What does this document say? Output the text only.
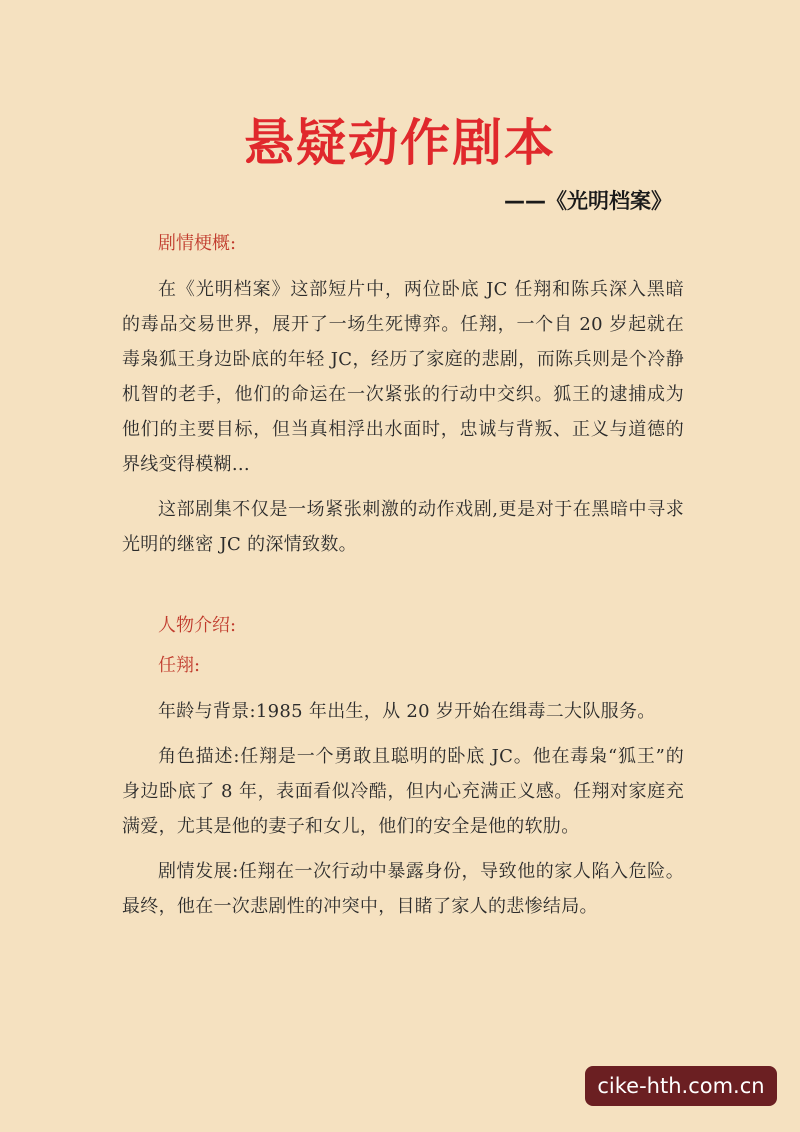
悬疑动作剧本
——《光明档案》
剧情梗概:

在《光明档案》这部短片中，两位卧底 JC 任翔和陈兵深入黑暗的毒品交易世界，展开了一场生死博弈。任翔，一个自 20 岁起就在毒枭狐王身边卧底的年轻 JC，经历了家庭的悲剧，而陈兵则是个冷静机智的老手，他们的命运在一次紧张的行动中交织。狐王的逮捕成为他们的主要目标，但当真相浮出水面时，忠诚与背叛、正义与道德的界线变得模糊…

这部剧集不仅是一场紧张刺激的动作戏剧,更是对于在黑暗中寻求光明的继密 JC 的深情致数。

人物介绍:
任翔:

年龄与背景:1985 年出生，从 20 岁开始在缉毒二大队服务。

角色描述:任翔是一个勇敢且聪明的卧底 JC。他在毒枭“狐王”的身边卧底了 8 年，表面看似冷酷，但内心充满正义感。任翔对家庭充满爱，尤其是他的妻子和女儿，他们的安全是他的软肋。

剧情发展:任翔在一次行动中暴露身份，导致他的家人陷入危险。最终，他在一次悲剧性的冲突中，目睹了家人的悲惨结局。

cike-hth.com.cn
